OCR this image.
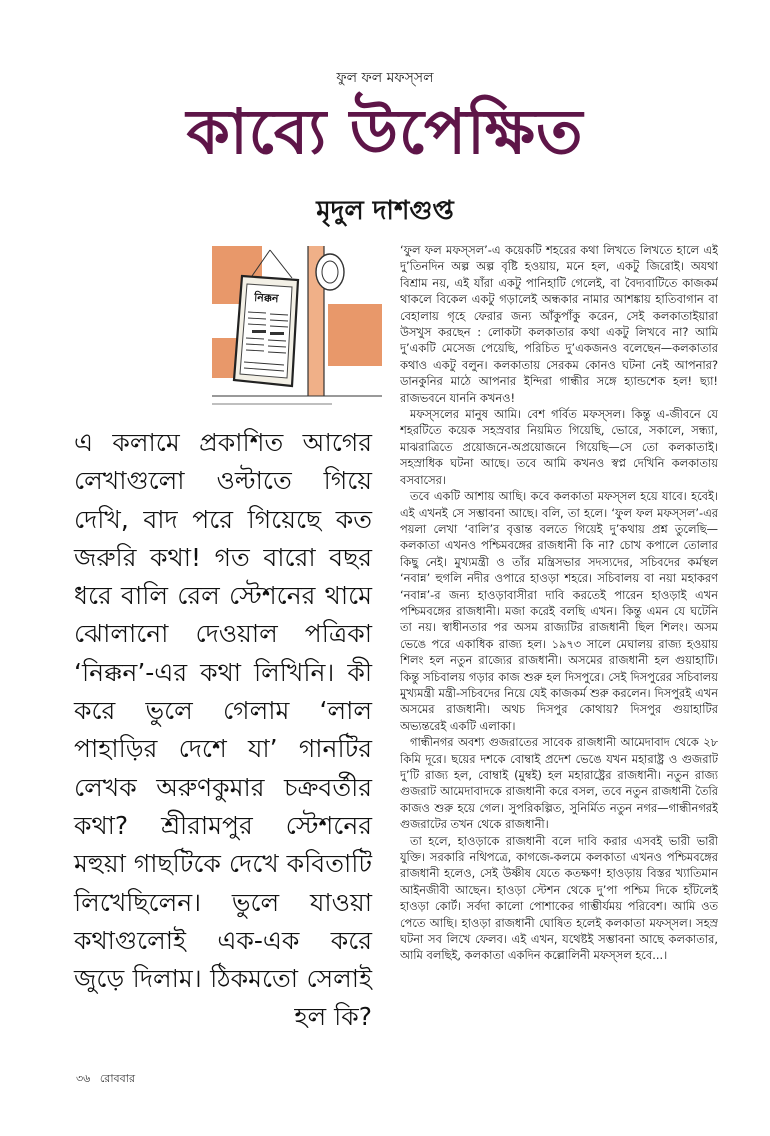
ফুল ফল মফস্‌সল
কাব্যে উপেক্ষিত
মৃদুল দাশগুপ্ত
নিক্কন
এ কলামে প্রকাশিত আগের লেখাগুলো ওল্টাতে গিয়ে দেখি, বাদ পরে গিয়েছে কত জরুরি কথা! গত বারো বছর ধরে বালি রেল স্টেশনের থামে ঝোলানো দেওয়াল পত্রিকা ‘নিক্কন’-এর কথা লিখিনি। কী করে ভুলে গেলাম ‘লাল পাহাড়ির দেশে যা’ গানটির লেখক অরুণকুমার চক্রবর্তীর কথা? শ্রীরামপুর স্টেশনের মহুয়া গাছটিকে দেখে কবিতাটি লিখেছিলেন। ভুলে যাওয়া কথাগুলোই এক-এক করে জুড়ে দিলাম। ঠিকমতো সেলাই হল কি?

‘ফুল ফল মফস্‌সল’-এ কয়েকটি শহরের কথা লিখতে লিখতে হালে এই দু’তিনদিন অল্প অল্প বৃষ্টি হওয়ায়, মনে হল, একটু জিরোই। অযথা বিশ্রাম নয়, এই যাঁরা একটু পানিহাটি গেলেই, বা বৈদ্যবাটিতে কাজকর্ম থাকলে বিকেল একটু গড়ালেই অন্ধকার নামার আশঙ্কায় হাতিবাগান বা বেহালায় গৃহে ফেরার জন্য আঁকুপাঁকু করেন, সেই কলকাতাইয়ারা উসখুস করছেন : লোকটা কলকাতার কথা একটু লিখবে না? আমি দু’একটি মেসেজ পেয়েছি, পরিচিত দু’একজনও বলেছেন—কলকাতার কথাও একটু বলুন। কলকাতায় সেরকম কোনও ঘটনা নেই আপনার? ডানকুনির মাঠে আপনার ইন্দিরা গান্ধীর সঙ্গে হ্যান্ডশেক হল! ছ্যা! রাজভবনে যাননি কখনও!

মফস্‌সলের মানুষ আমি। বেশ গর্বিত মফস্‌সল। কিন্তু এ-জীবনে যে শহরটিতে কয়েক সহস্রবার নিয়মিত গিয়েছি, ভোরে, সকালে, সন্ধ্যা, মাঝরাত্রিতে প্রয়োজনে-অপ্রয়োজনে গিয়েছি—সে তো কলকাতাই। সহস্রাধিক ঘটনা আছে। তবে আমি কখনও স্বপ্ন দেখিনি কলকাতায় বসবাসের।

তবে একটি আশায় আছি। কবে কলকাতা মফস্‌সল হয়ে যাবে। হবেই। এই এখনই সে সম্ভাবনা আছে। বলি, তা হলে। ‘ফুল ফল মফস্‌সল’-এর পয়লা লেখা ‘বালি’র বৃত্তান্ত বলতে গিয়েই দু’কথায় প্রশ্ন তুলেছি—কলকাতা এখনও পশ্চিমবঙ্গের রাজধানী কি না? চোখ কপালে তোলার কিছু নেই। মুখ্যমন্ত্রী ও তাঁর মন্ত্রিসভার সদস্যদের, সচিবদের কর্মস্থল ‘নবান্ন’ হুগলি নদীর ওপারে হাওড়া শহরে। সচিবালয় বা নয়া মহাকরণ ‘নবান্ন’-র জন্য হাওড়াবাসীরা দাবি করতেই পারেন হাওড়াই এখন পশ্চিমবঙ্গের রাজধানী। মজা করেই বলছি এখন। কিন্তু এমন যে ঘটেনি তা নয়। স্বাধীনতার পর অসম রাজ্যটির রাজধানী ছিল শিলং। অসম ভেঙে পরে একাধিক রাজ্য হল। ১৯৭৩ সালে মেঘালয় রাজ্য হওয়ায় শিলং হল নতুন রাজ্যের রাজধানী। অসমের রাজধানী হল গুয়াহাটি। কিন্তু সচিবালয় গড়ার কাজ শুরু হল দিসপুরে। সেই দিসপুরের সচিবালয় মুখ্যমন্ত্রী মন্ত্রী-সচিবদের নিয়ে যেই কাজকর্ম শুরু করলেন। দিসপুরই এখন অসমের রাজধানী। অথচ দিসপুর কোথায়? দিসপুর গুয়াহাটির অভ্যন্তরেই একটি এলাকা।

গান্ধীনগর অবশ্য গুজরাতের সাবেক রাজধানী আমেদাবাদ থেকে ২৮ কিমি দূরে। ছয়ের দশকে বোম্বাই প্রদেশ ভেঙে যখন মহারাষ্ট্র ও গুজরাট দু’টি রাজ্য হল, বোম্বাই (মুম্বই) হল মহারাষ্ট্রের রাজধানী। নতুন রাজ্য গুজরাট আমেদাবাদকে রাজধানী করে বসল, তবে নতুন রাজধানী তৈরি কাজও শুরু হয়ে গেল। সুপরিকল্পিত, সুনির্মিত নতুন নগর—গান্ধীনগরই গুজরাটের তখন থেকে রাজধানী।

তা হলে, হাওড়াকে রাজধানী বলে দাবি করার এসবই ভারী ভারী যুক্তি। সরকারি নথিপত্রে, কাগজে-কলমে কলকাতা এখনও পশ্চিমবঙ্গের রাজধানী হলেও, সেই উষ্ণীষ যেতে কতক্ষণ! হাওড়ায় বিস্তর খ্যাতিমান আইনজীবী আছেন। হাওড়া স্টেশন থেকে দু’পা পশ্চিম দিকে হাঁটলেই হাওড়া কোর্ট। সর্বদা কালো পোশাকের গাম্ভীর্যময় পরিবেশ। আমি ওত পেতে আছি। হাওড়া রাজধানী ঘোষিত হলেই কলকাতা মফস্‌সল। সহস্র ঘটনা সব লিখে ফেলব। এই এখন, যথেষ্টই সম্ভাবনা আছে কলকাতার, আমি বলছিই, কলকাতা একদিন কল্লোলিনী মফস্‌সল হবে...।

৩৬ রোববার
